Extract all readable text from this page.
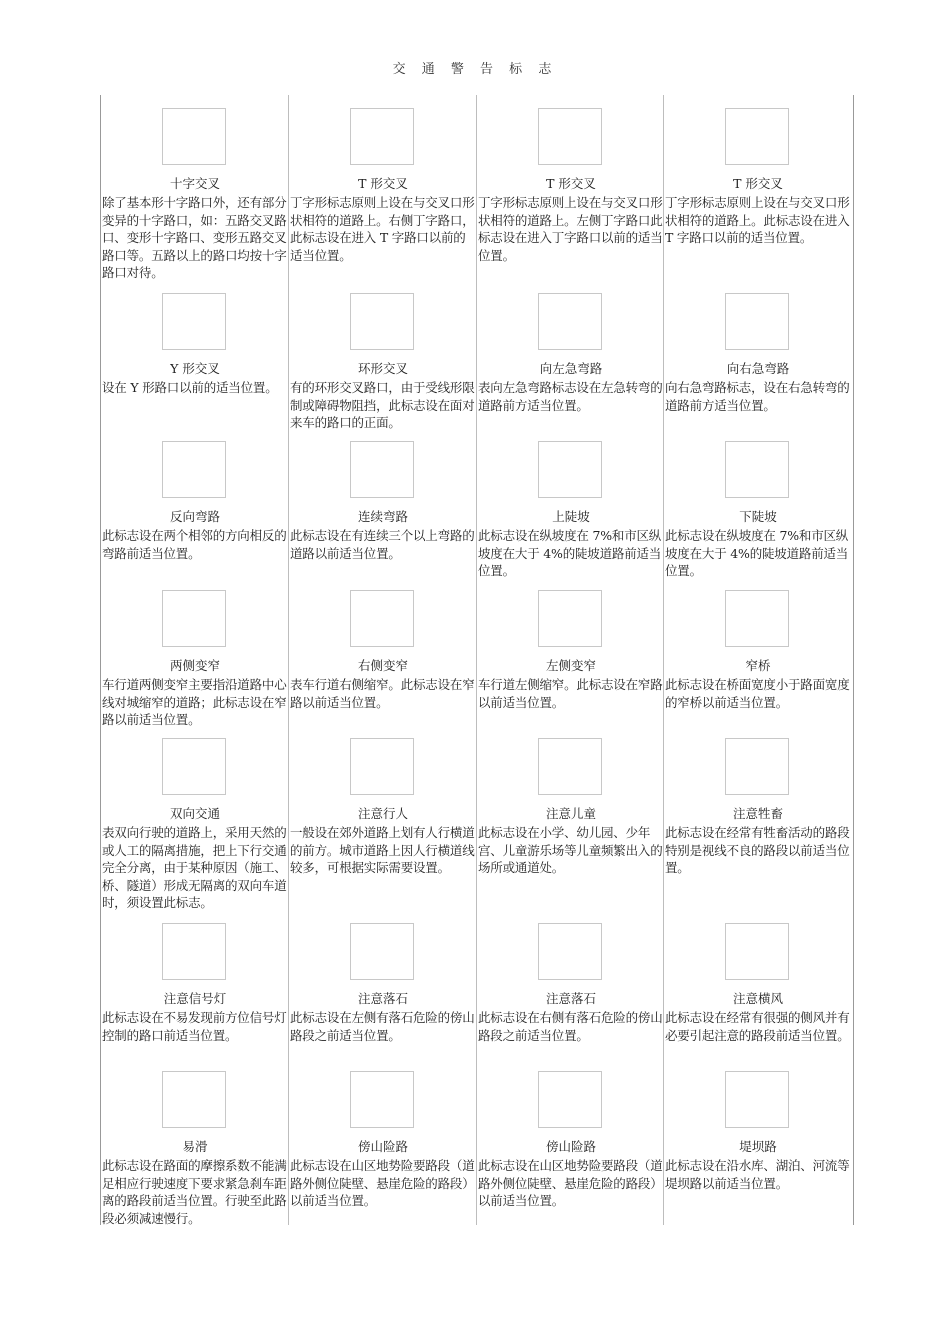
交 通 警 告 标 志
十字交叉
除了基本形十字路口外，还有部分变异的十字路口，如：五路交叉路口、变形十字路口、变形五路交叉路口等。五路以上的路口均按十字路口对待。
T 形交叉
丁字形标志原则上设在与交叉口形状相符的道路上。右侧丁字路口，此标志设在进入 T 字路口以前的适当位置。
T 形交叉
丁字形标志原则上设在与交叉口形状相符的道路上。左侧丁字路口此标志设在进入丁字路口以前的适当位置。
T 形交叉
丁字形标志原则上设在与交叉口形状相符的道路上。此标志设在进入 T 字路口以前的适当位置。
Y 形交叉
设在 Y 形路口以前的适当位置。
环形交叉
有的环形交叉路口，由于受线形限制或障碍物阻挡，此标志设在面对来车的路口的正面。
向左急弯路
表向左急弯路标志设在左急转弯的道路前方适当位置。
向右急弯路
向右急弯路标志，设在右急转弯的道路前方适当位置。
反向弯路
此标志设在两个相邻的方向相反的弯路前适当位置。
连续弯路
此标志设在有连续三个以上弯路的道路以前适当位置。
上陡坡
此标志设在纵坡度在 7%和市区纵坡度在大于 4%的陡坡道路前适当位置。
下陡坡
此标志设在纵坡度在 7%和市区纵坡度在大于 4%的陡坡道路前适当位置。
两侧变窄
车行道两侧变窄主要指沿道路中心线对城缩窄的道路；此标志设在窄路以前适当位置。
右侧变窄
表车行道右侧缩窄。此标志设在窄路以前适当位置。
左侧变窄
车行道左侧缩窄。此标志设在窄路以前适当位置。
窄桥
此标志设在桥面宽度小于路面宽度的窄桥以前适当位置。
双向交通
表双向行驶的道路上，采用天然的或人工的隔离措施，把上下行交通完全分离，由于某种原因（施工、桥、隧道）形成无隔离的双向车道时，须设置此标志。
注意行人
一般设在郊外道路上划有人行横道的前方。城市道路上因人行横道线较多，可根据实际需要设置。
注意儿童
此标志设在小学、幼儿园、少年宫、儿童游乐场等儿童频繁出入的场所或通道处。
注意牲畜
此标志设在经常有牲畜活动的路段特别是视线不良的路段以前适当位置。
注意信号灯
此标志设在不易发现前方位信号灯控制的路口前适当位置。
注意落石
此标志设在左侧有落石危险的傍山路段之前适当位置。
注意落石
此标志设在右侧有落石危险的傍山路段之前适当位置。
注意横风
此标志设在经常有很强的侧风并有必要引起注意的路段前适当位置。
易滑
此标志设在路面的摩擦系数不能满足相应行驶速度下要求紧急刹车距离的路段前适当位置。行驶至此路段必须减速慢行。
傍山险路
此标志设在山区地势险要路段（道路外侧位陡壁、悬崖危险的路段）以前适当位置。
傍山险路
此标志设在山区地势险要路段（道路外侧位陡壁、悬崖危险的路段）以前适当位置。
堤坝路
此标志设在沿水库、湖泊、河流等堤坝路以前适当位置。
